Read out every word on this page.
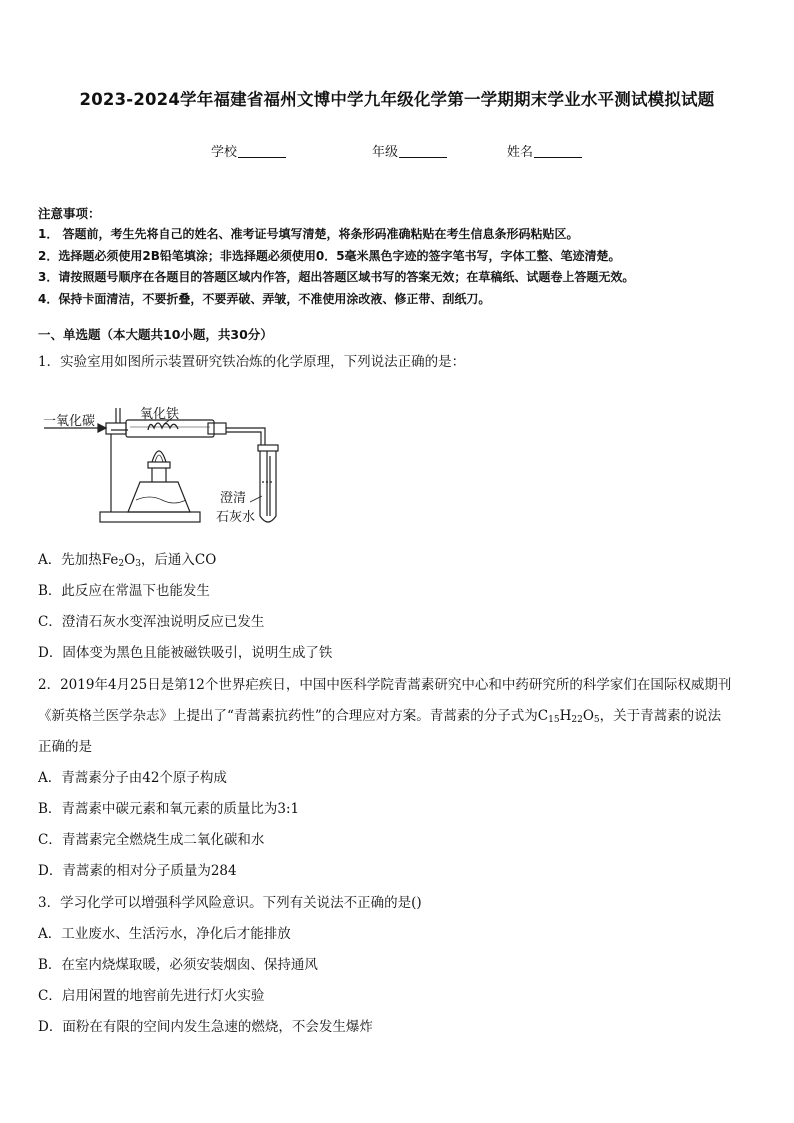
2023-2024学年福建省福州文博中学九年级化学第一学期期末学业水平测试模拟试题
学校	年级	姓名
注意事项：
1． 答题前，考生先将自己的姓名、准考证号填写清楚，将条形码准确粘贴在考生信息条形码粘贴区。
2．选择题必须使用2B铅笔填涂；非选择题必须使用0．5毫米黑色字迹的签字笔书写，字体工整、笔迹清楚。
3．请按照题号顺序在各题目的答题区域内作答，超出答题区域书写的答案无效；在草稿纸、试题卷上答题无效。
4．保持卡面清洁，不要折叠，不要弄破、弄皱，不准使用涂改液、修正带、刮纸刀。
一、单选题（本大题共10小题，共30分）
1．实验室用如图所示装置研究铁冶炼的化学原理，下列说法正确的是：
一氧化碳	氧化铁
澄清
石灰水
A．先加热$Fe_2O_3$，后通入CO
B．此反应在常温下也能发生
C．澄清石灰水变浑浊说明反应已发生
D．固体变为黑色且能被磁铁吸引，说明生成了铁
2．2019年4月25日是第12个世界疟疾日，中国中医科学院青蒿素研究中心和中药研究所的科学家们在国际权威期刊
《新英格兰医学杂志》上提出了“青蒿素抗药性”的合理应对方案。青蒿素的分子式为$C_{15}H_{22}O_5$，关于青蒿素的说法
正确的是
A．青蒿素分子由42个原子构成
B．青蒿素中碳元素和氧元素的质量比为3:1
C．青蒿素完全燃烧生成二氧化碳和水
D．青蒿素的相对分子质量为284
3．学习化学可以增强科学风险意识。下列有关说法不正确的是()
A．工业废水、生活污水，净化后才能排放
B．在室内烧煤取暖，必须安装烟囱、保持通风
C．启用闲置的地窖前先进行灯火实验
D．面粉在有限的空间内发生急速的燃烧，不会发生爆炸
